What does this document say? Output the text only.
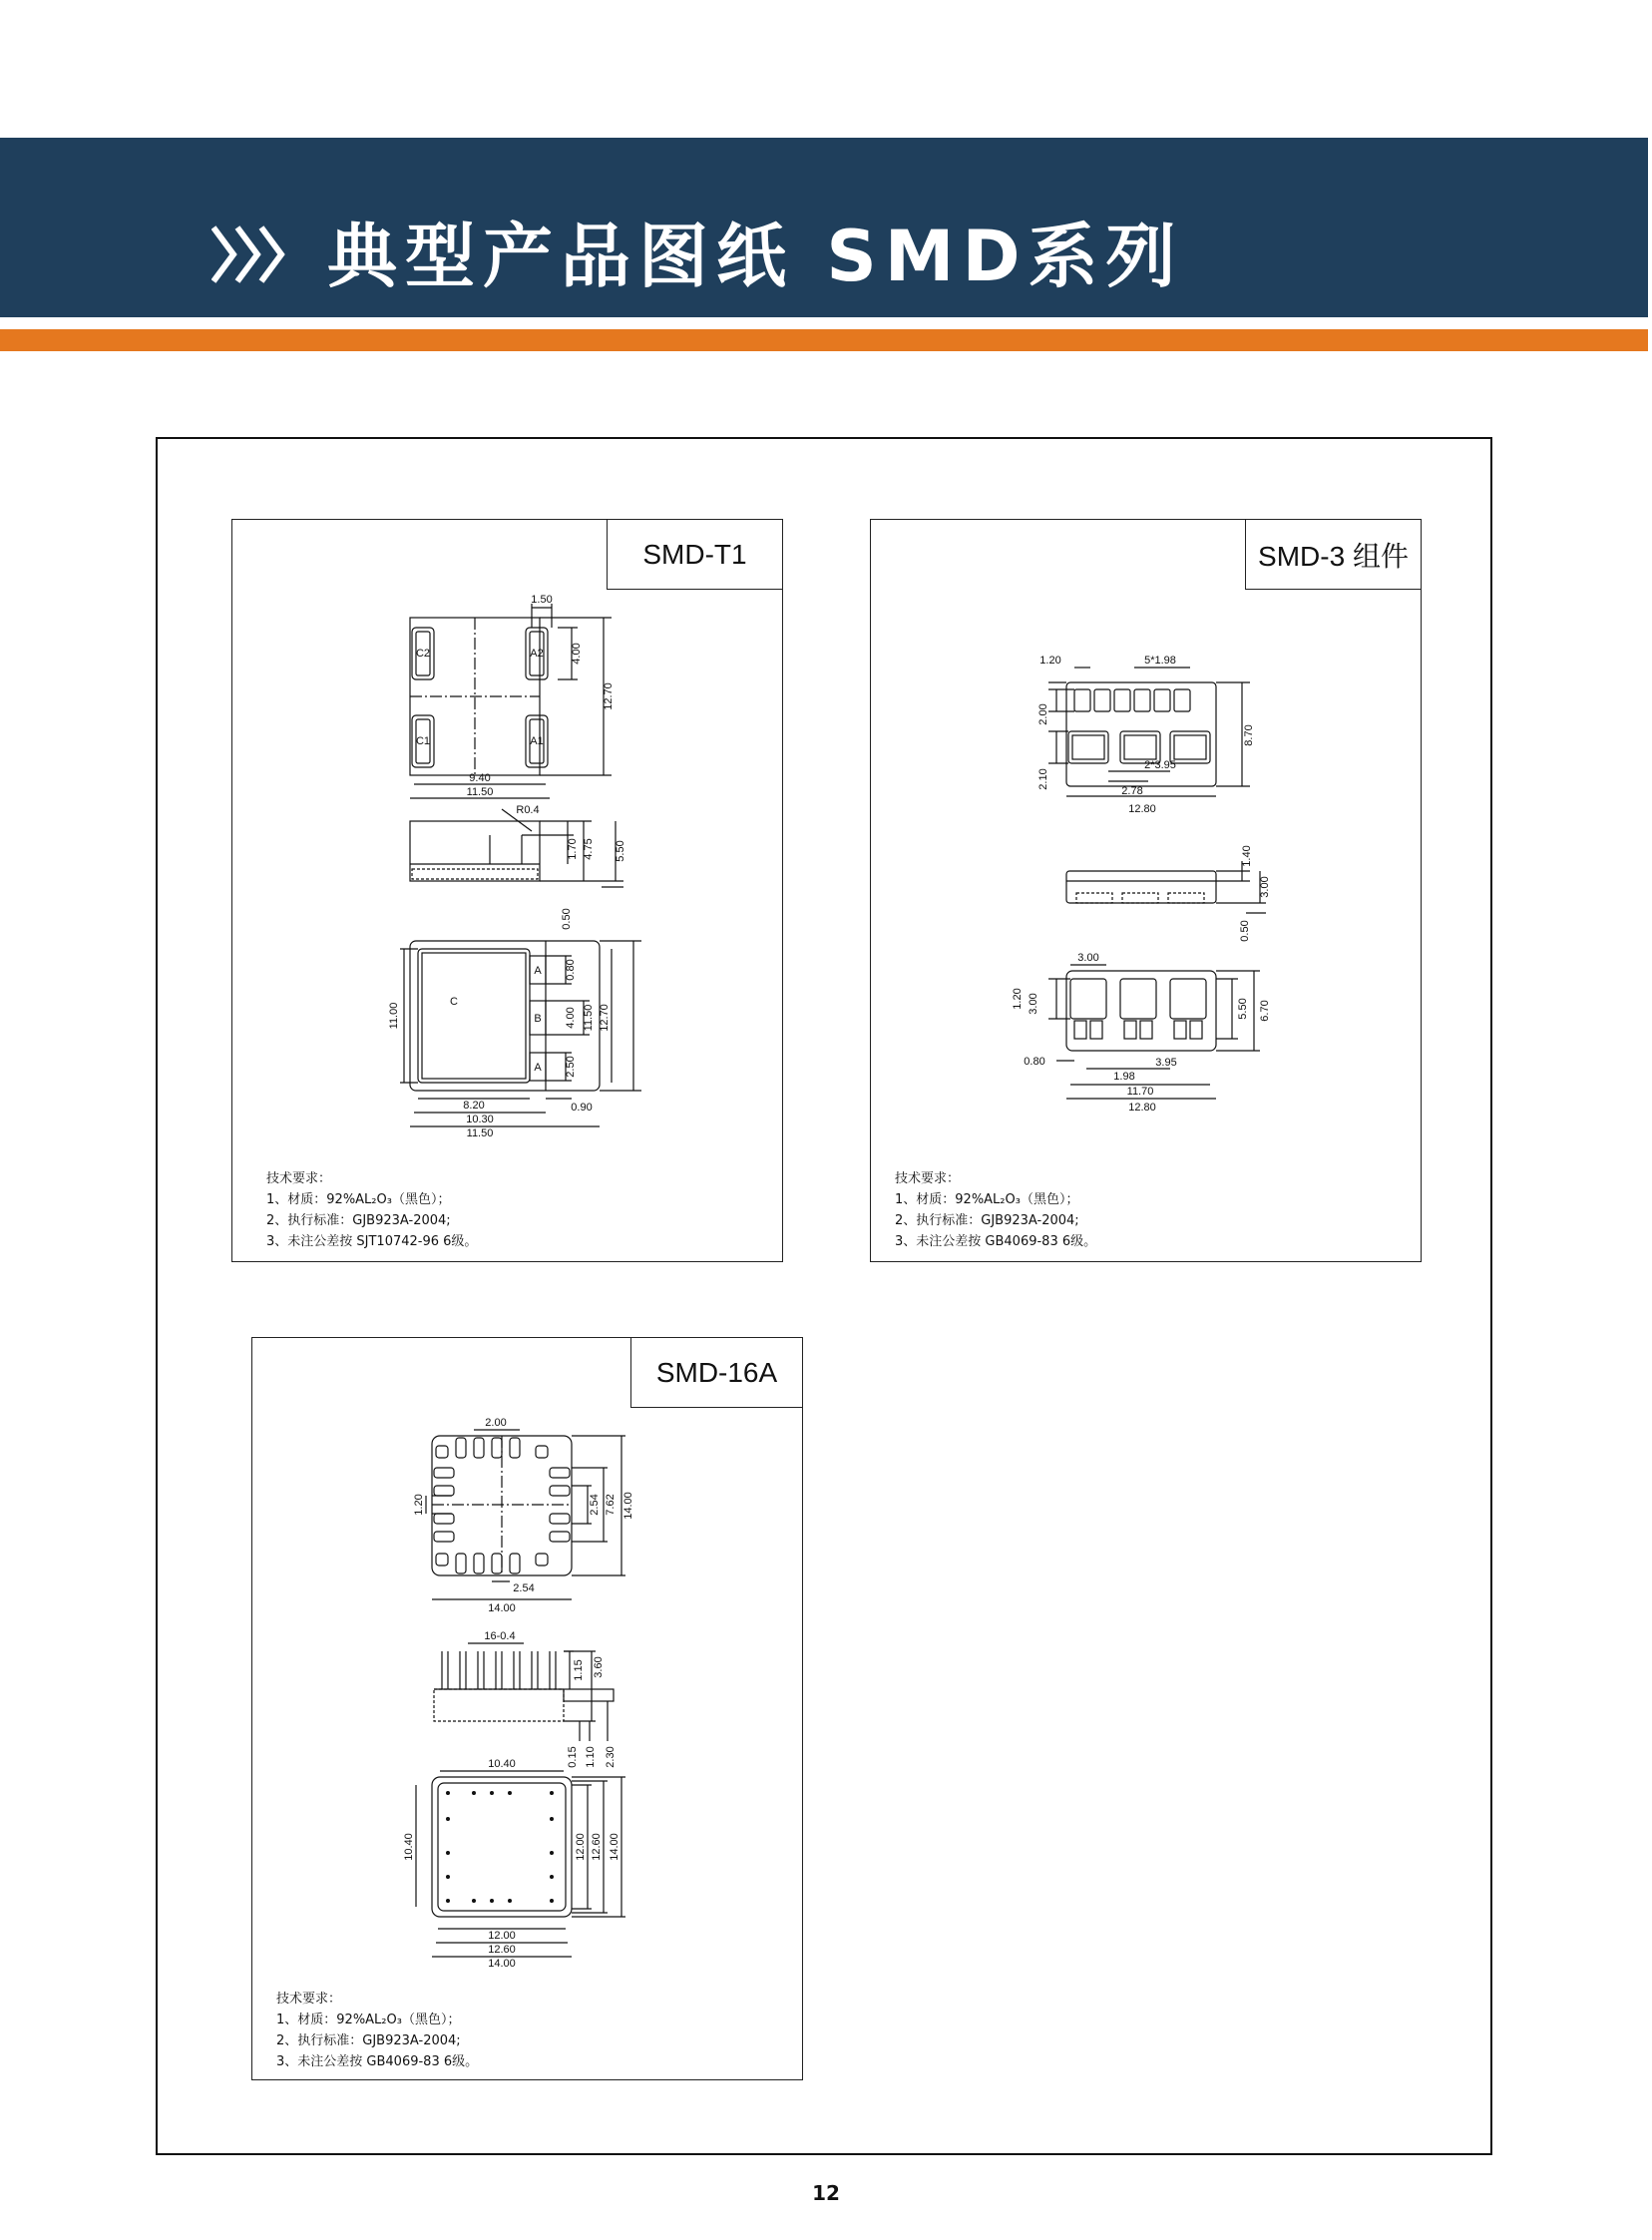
典型产品图纸 SMD系列
SMD-T1
C2	A2
C1	A1
C
A
B
A
1.50
4.00
12.70
9.40
11.50
R0.4
1.70 4.75 5.50
0.50
0.80
4.00 11.50 12.70
2.50
11.00
8.20
10.30
0.90
11.50
技术要求：
1、材质：92%AL₂O₃（黑色）；
2、执行标准：GJB923A-2004;
3、未注公差按 SJT10742-96 6级。
SMD-3 组件
1.20	5*1.98
2.00
8.70
2.10
2*3.95
2.78
12.80
1.40
3.00
0.50
3.00
1.20 3.00	5.50 6.70
0.80
1.98
3.95
11.70
12.80
技术要求：
1、材质：92%AL₂O₃（黑色）；
2、执行标准：GJB923A-2004;
3、未注公差按 GB4069-83 6级。
SMD-16A
2.00
1.20	2.54 7.62 14.00
2.54
14.00
16-0.4
1.15 3.60
0.15 1.10 2.30
10.40
10.40	12.00 12.60 14.00
12.00
12.60
14.00
技术要求：
1、材质：92%AL₂O₃（黑色）；
2、执行标准：GJB923A-2004;
3、未注公差按 GB4069-83 6级。
12
